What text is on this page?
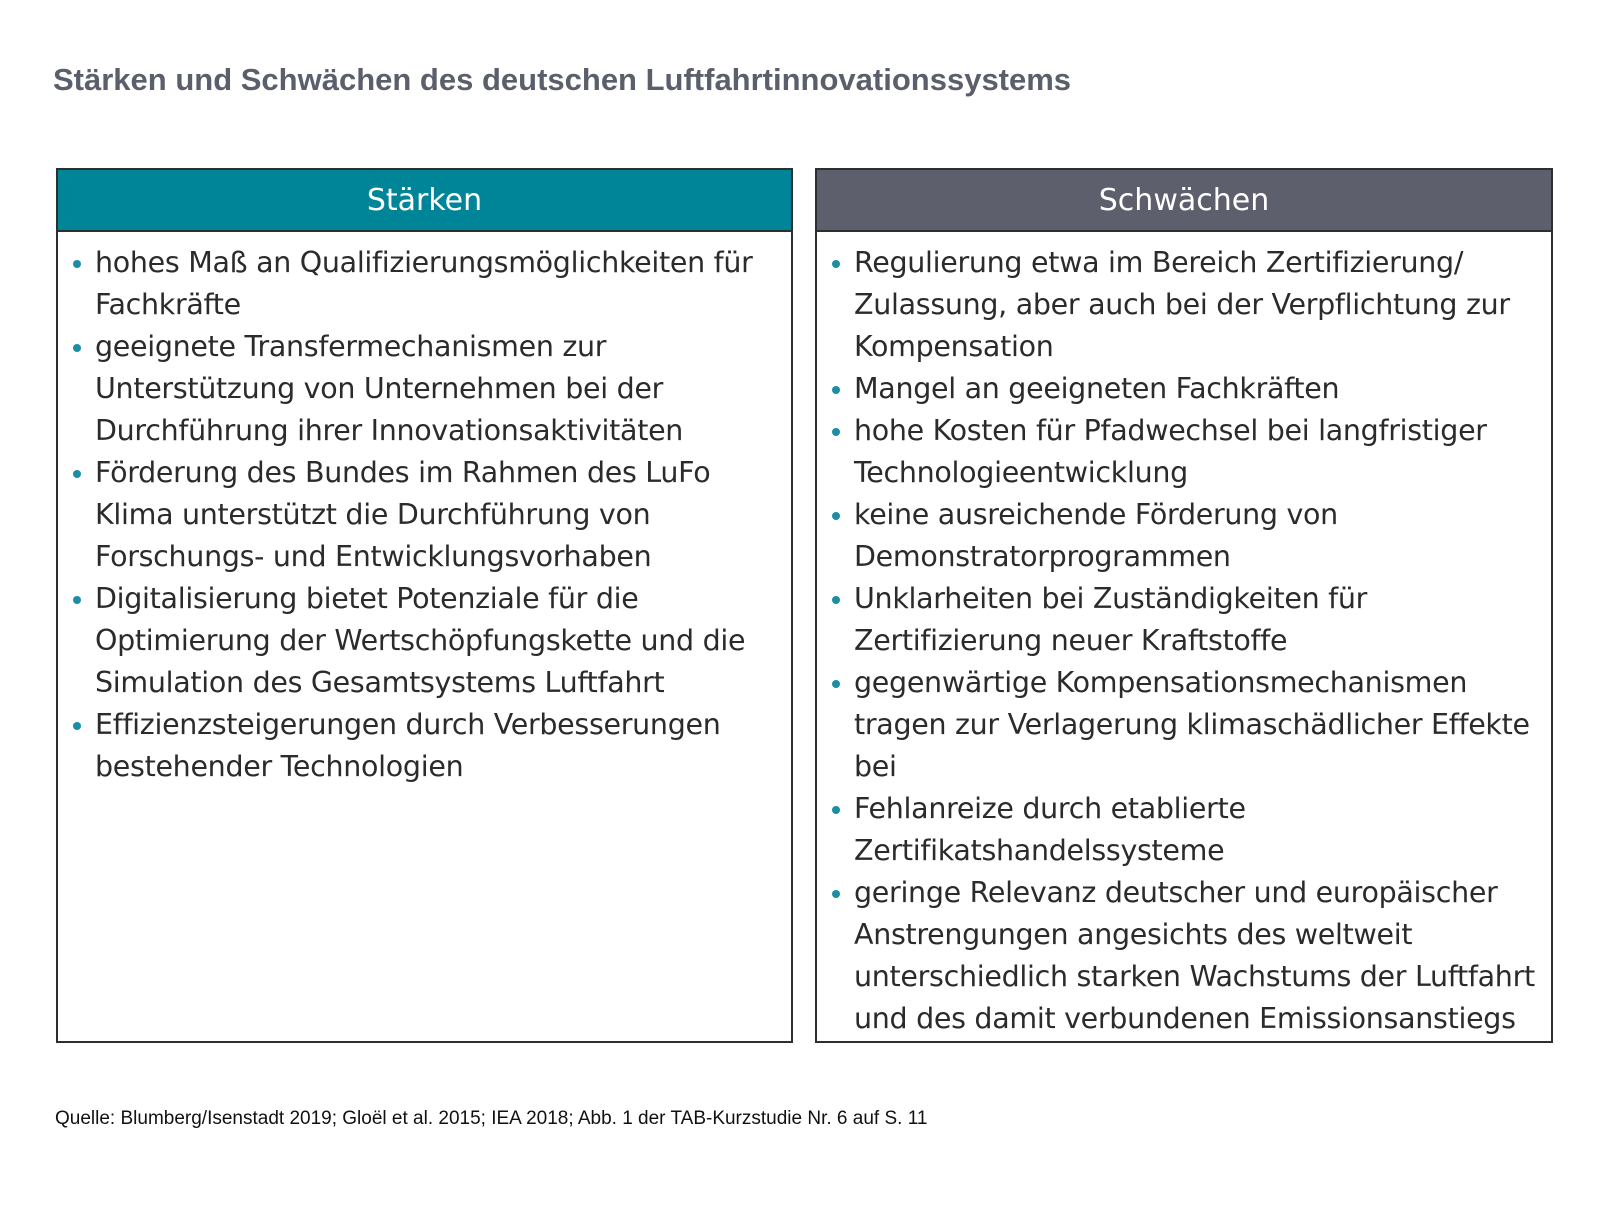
Stärken und Schwächen des deutschen Luftfahrtinnovationssystems
Stärken
hohes Maß an Qualifizierungsmöglichkeiten für Fachkräfte
geeignete Transfermechanismen zur Unterstützung von Unternehmen bei der Durchführung ihrer Innovationsaktivitäten
Förderung des Bundes im Rahmen des LuFo Klima unterstützt die Durchführung von Forschungs- und Entwicklungsvorhaben
Digitalisierung bietet Potenziale für die Optimierung der Wertschöpfungskette und die Simulation des Gesamtsystems Luftfahrt
Effizienzsteigerungen durch Verbesserungen bestehender Technologien
Schwächen
Regulierung etwa im Bereich Zertifizierung/ Zulassung, aber auch bei der Verpflichtung zur Kompensation
Mangel an geeigneten Fachkräften
hohe Kosten für Pfadwechsel bei langfristiger Technologieentwicklung
keine ausreichende Förderung von Demonstratorprogrammen
Unklarheiten bei Zuständigkeiten für Zertifizierung neuer Kraftstoffe
gegenwärtige Kompensationsmechanismen tragen zur Verlagerung klimaschädlicher Effekte bei
Fehlanreize durch etablierte Zertifikatshandelssysteme
geringe Relevanz deutscher und europäischer Anstrengungen angesichts des weltweit unterschiedlich starken Wachstums der Luftfahrt und des damit verbundenen Emissionsanstiegs

Quelle: Blumberg/Isenstadt 2019; Gloël et al. 2015; IEA 2018; Abb. 1 der TAB-Kurzstudie Nr. 6 auf S. 11
